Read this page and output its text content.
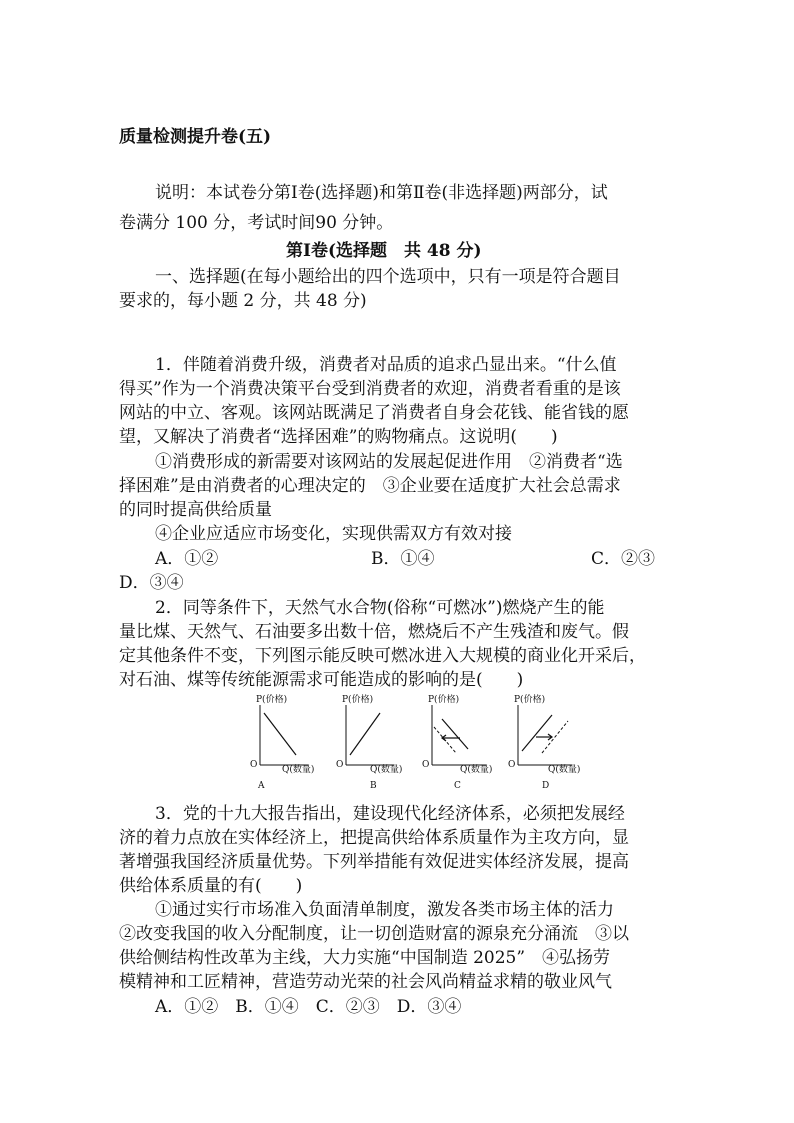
质量检测提升卷(五)
说明：本试卷分第Ⅰ卷(选择题)和第Ⅱ卷(非选择题)两部分，试
卷满分 100 分，考试时间90 分钟。
第Ⅰ卷(选择题　共 48 分)
一、选择题(在每小题给出的四个选项中，只有一项是符合题目
要求的，每小题 2 分，共 48 分)
1．伴随着消费升级，消费者对品质的追求凸显出来。“什么值
得买”作为一个消费决策平台受到消费者的欢迎，消费者看重的是该
网站的中立、客观。该网站既满足了消费者自身会花钱、能省钱的愿
望，又解决了消费者“选择困难”的购物痛点。这说明(　　)
①消费形成的新需要对该网站的发展起促进作用　②消费者“选
择困难”是由消费者的心理决定的　③企业要在适度扩大社会总需求
的同时提高供给质量
④企业应适应市场变化，实现供需双方有效对接
A．①②	B．①④	C．②③
D．③④
2．同等条件下，天然气水合物(俗称“可燃冰”)燃烧产生的能
量比煤、天然气、石油要多出数十倍，燃烧后不产生残渣和废气。假
定其他条件不变，下列图示能反映可燃冰进入大规模的商业化开采后，
对石油、煤等传统能源需求可能造成的影响的是(　　)
P(价格)
O	Q(数量)
A
P(价格)
O	Q(数量)
B
P(价格)
O	Q(数量)
C
P(价格)
O	Q(数量)
D
3．党的十九大报告指出，建设现代化经济体系，必须把发展经
济的着力点放在实体经济上，把提高供给体系质量作为主攻方向，显
著增强我国经济质量优势。下列举措能有效促进实体经济发展，提高
供给体系质量的有(　　)
①通过实行市场准入负面清单制度，激发各类市场主体的活力
②改变我国的收入分配制度，让一切创造财富的源泉充分涌流　③以
供给侧结构性改革为主线，大力实施“中国制造 2025”　④弘扬劳
模精神和工匠精神，营造劳动光荣的社会风尚精益求精的敬业风气
A．①②　B．①④　C．②③　D．③④
